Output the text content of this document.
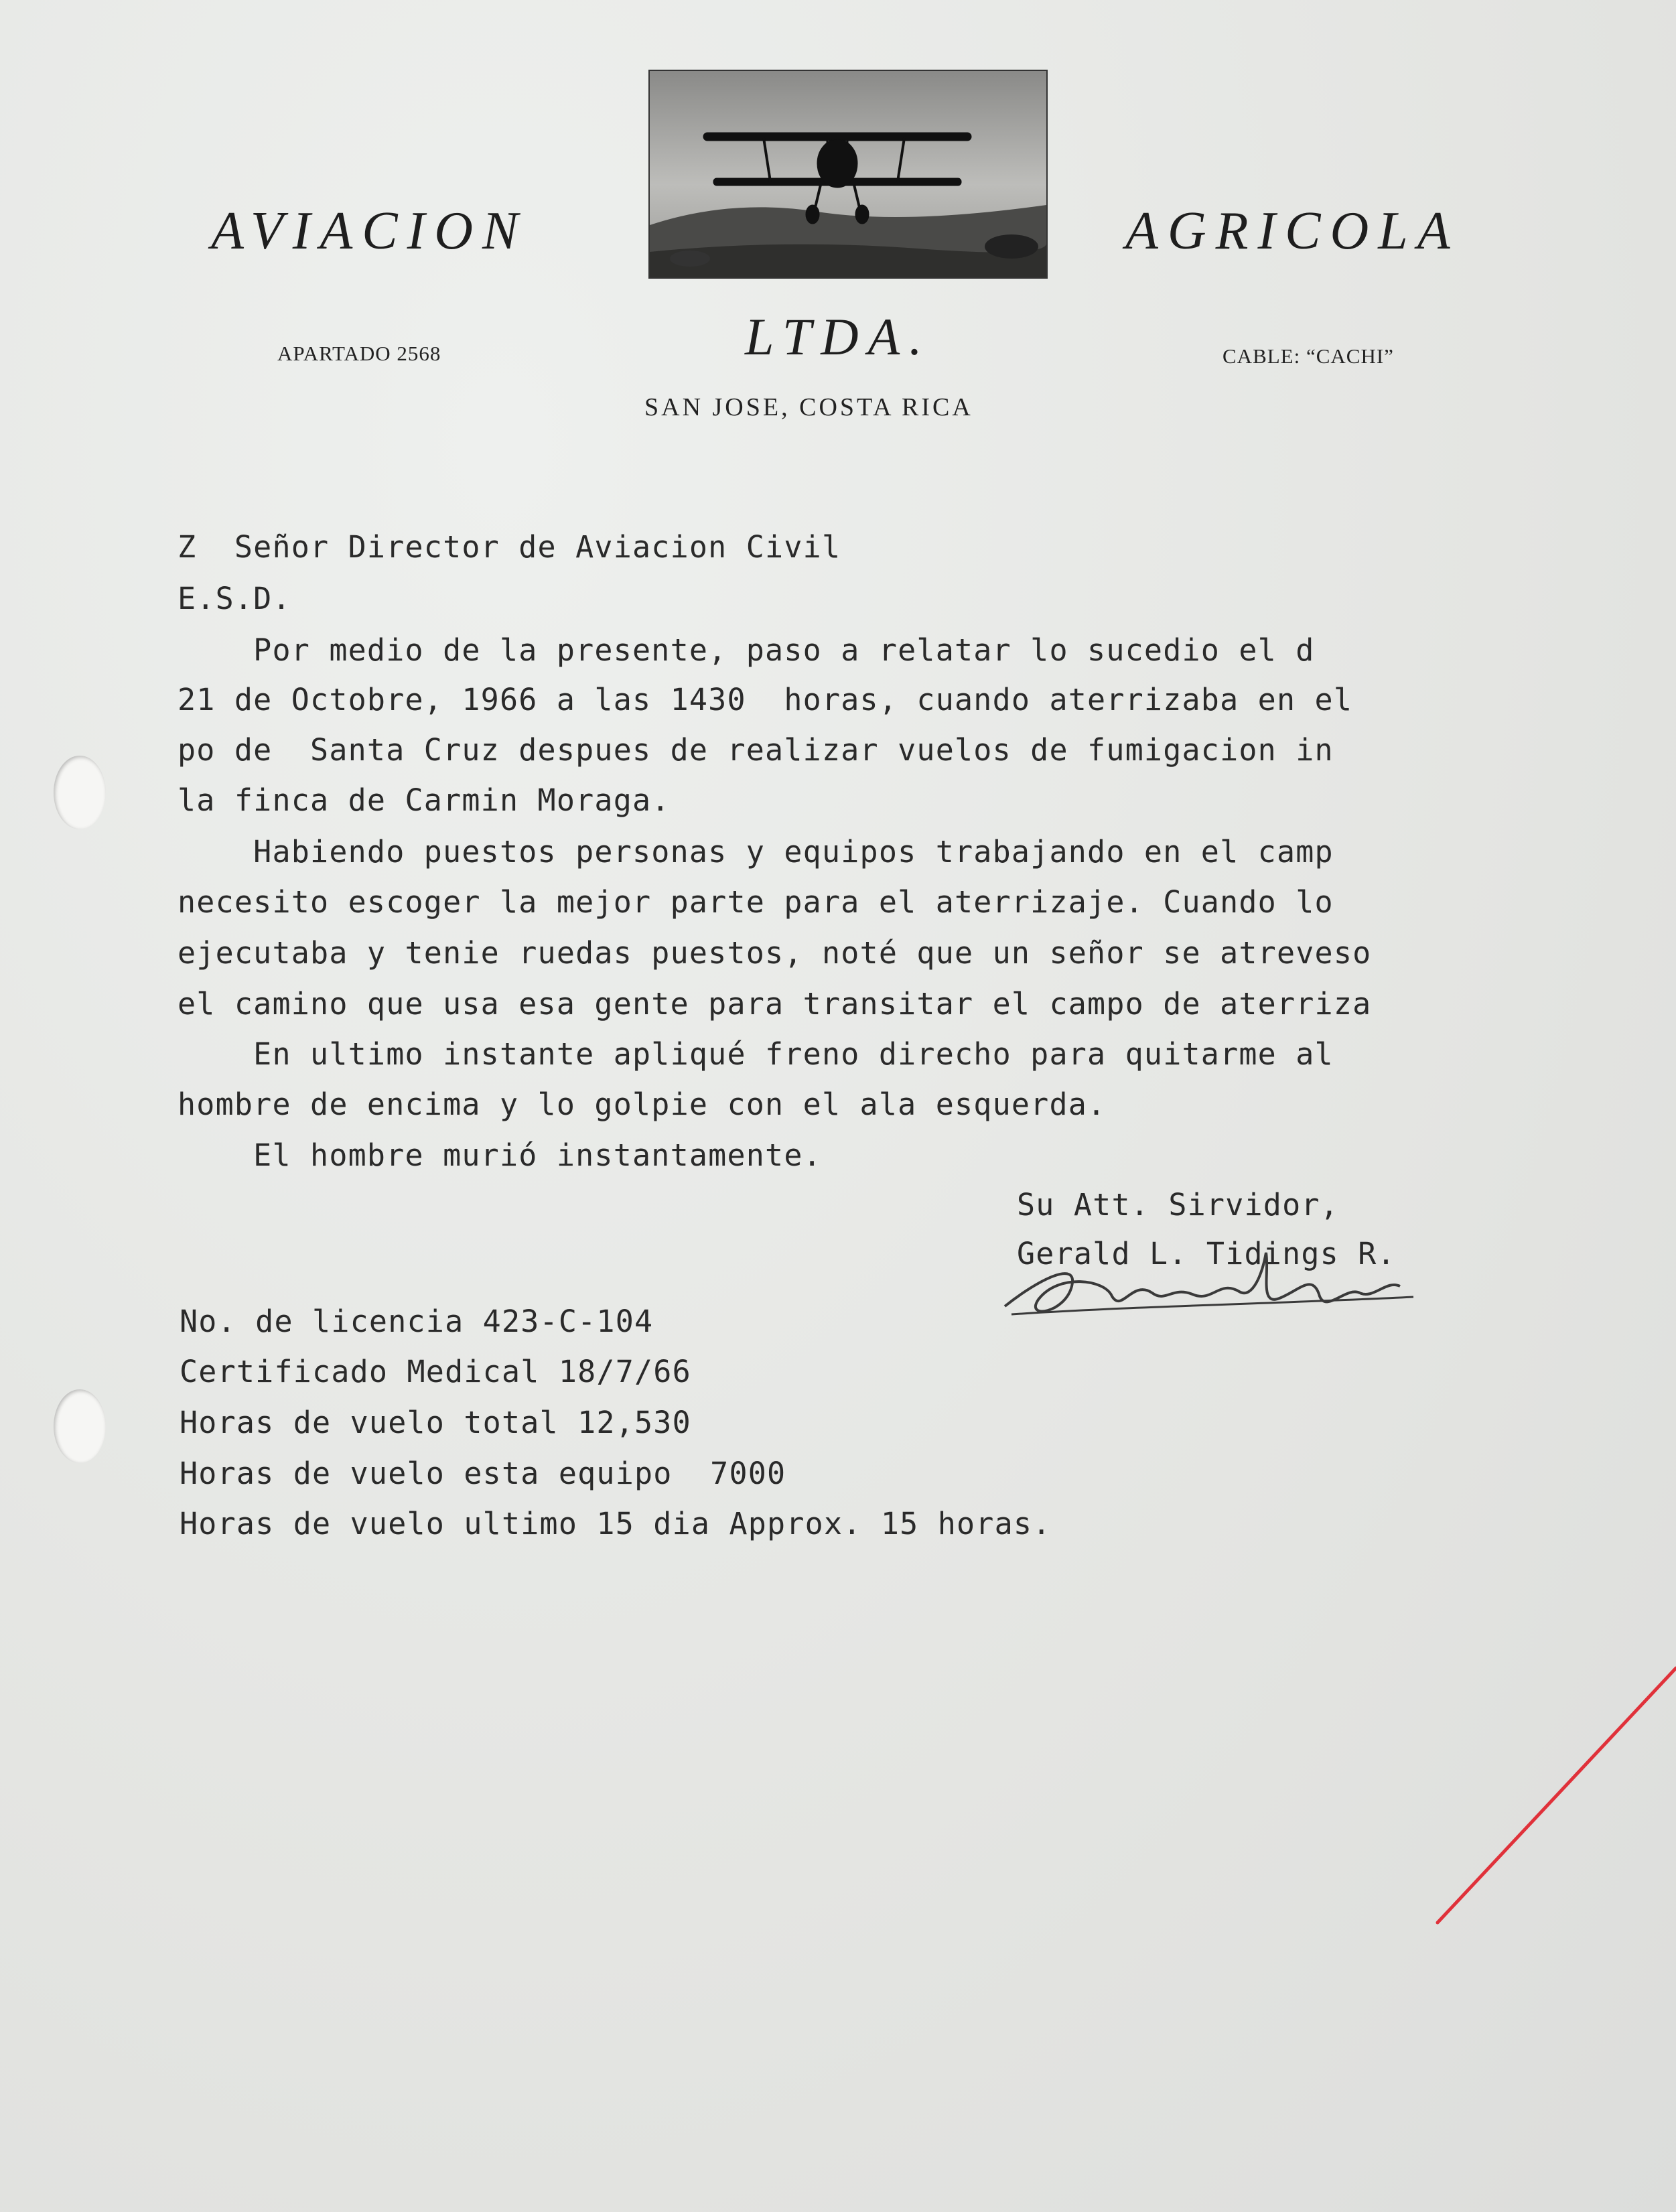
AVIACION	AGRICOLA

APARTADO 2568	LTDA.	CABLE: “CACHI”

SAN JOSE, COSTA RICA

Z  Señor Director de Aviacion Civil

E.S.D.

Por medio de la presente, paso a relatar lo sucedio el d

21 de Octobre, 1966 a las 1430  horas, cuando aterrizaba en el

po de  Santa Cruz despues de realizar vuelos de fumigacion in

la finca de Carmin Moraga.

Habiendo puestos personas y equipos trabajando en el camp

necesito escoger la mejor parte para el aterrizaje. Cuando lo

ejecutaba y tenie ruedas puestos, noté que un señor se atreveso

el camino que usa esa gente para transitar el campo de aterriza

En ultimo instante apliqué freno direcho para quitarme al

hombre de encima y lo golpie con el ala esquerda.

El hombre murió instantamente.

Su Att. Sirvidor,

Gerald L. Tidings R.

No. de licencia 423-C-104

Certificado Medical 18/7/66

Horas de vuelo total 12,530

Horas de vuelo esta equipo  7000

Horas de vuelo ultimo 15 dia Approx. 15 horas.
